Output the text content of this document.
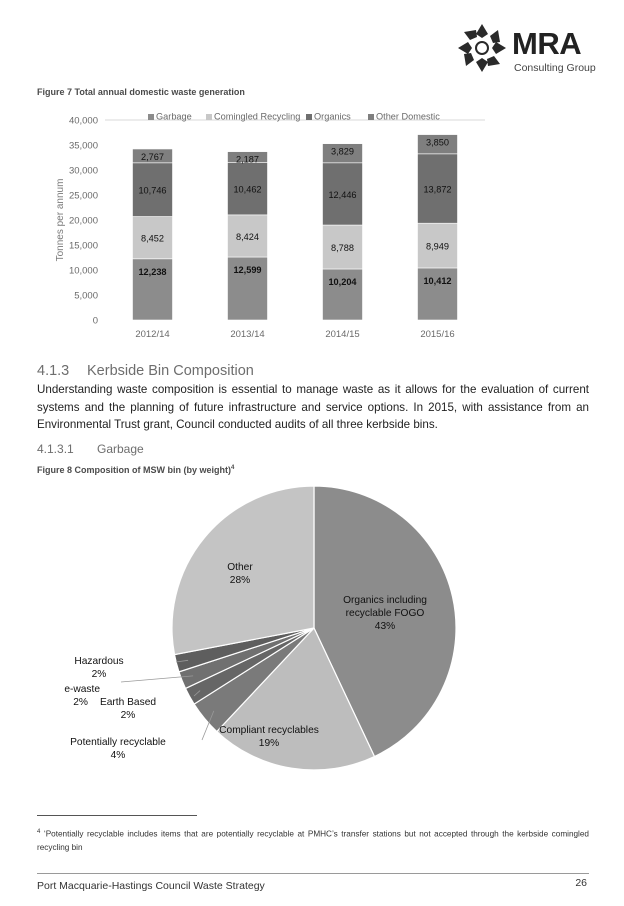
MRA
Consulting Group
Figure 7 Total annual domestic waste generation
0
5,000
10,000
15,000
20,000
25,000
30,000
35,000
40,000
Tonnes per annum
Garbage Comingled Recycling Organics	Other Domestic
12,238
8,452
10,746
2,767
2012/14
12,599
8,424
10,462
2,187
2013/14
10,204
8,788
12,446
3,829
2014/15
10,412
8,949
13,872
3,850
2015/16
4.1.3 Kerbside Bin Composition
Understanding waste composition is essential to manage waste as it allows for the evaluation of current systems and the planning of future infrastructure and service options. In 2015, with assistance from an Environmental Trust grant, Council conducted audits of all three kerbside bins.
4.1.3.1 Garbage
Figure 8 Composition of MSW bin (by weight)$^4$
Organics including
recyclable FOGO
43%
Compliant recyclables
19%
Other
28%
Potentially recyclable
4%
Earth Based
2%
e-waste
2%
Hazardous
2%
$^4$ ‘Potentially recyclable includes items that are potentially recyclable at PMHC’s transfer stations but not accepted through the kerbside comingled recycling bin
Port Macquarie-Hastings Council Waste Strategy	26
